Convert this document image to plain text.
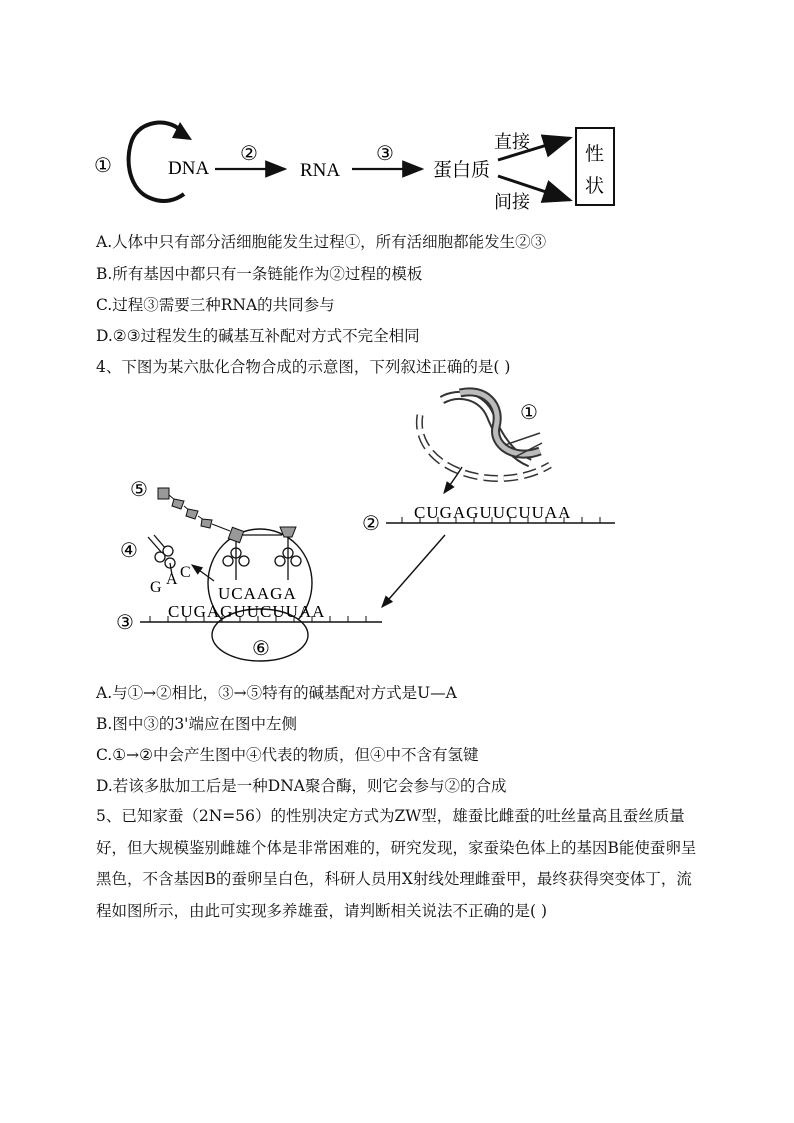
①	DNA
②
RNA
③
蛋白质
直接
间接
性
状
A.人体中只有部分活细胞能发生过程①，所有活细胞都能发生②③
B.所有基因中都只有一条链能作为②过程的模板
C.过程③需要三种RNA的共同参与
D.②③过程发生的碱基互补配对方式不完全相同
4、下图为某六肽化合物合成的示意图，下列叙述正确的是( )
①
②
CUGAGUUCUUAA
⑥
③
CUGAGUUCUUAA
UCAAGA
⑤
④
G A C
A.与①→②相比，③→⑤特有的碱基配对方式是U—A
B.图中③的3'端应在图中左侧
C.①→②中会产生图中④代表的物质，但④中不含有氢键
D.若该多肽加工后是一种DNA聚合酶，则它会参与②的合成
5、已知家蚕（2N=56）的性别决定方式为ZW型，雄蚕比雌蚕的吐丝量高且蚕丝质量好，但大规模鉴别雌雄个体是非常困难的，研究发现，家蚕染色体上的基因B能使蚕卵呈黑色，不含基因B的蚕卵呈白色，科研人员用X射线处理雌蚕甲，最终获得突变体丁，流程如图所示，由此可实现多养雄蚕，请判断相关说法不正确的是( )
